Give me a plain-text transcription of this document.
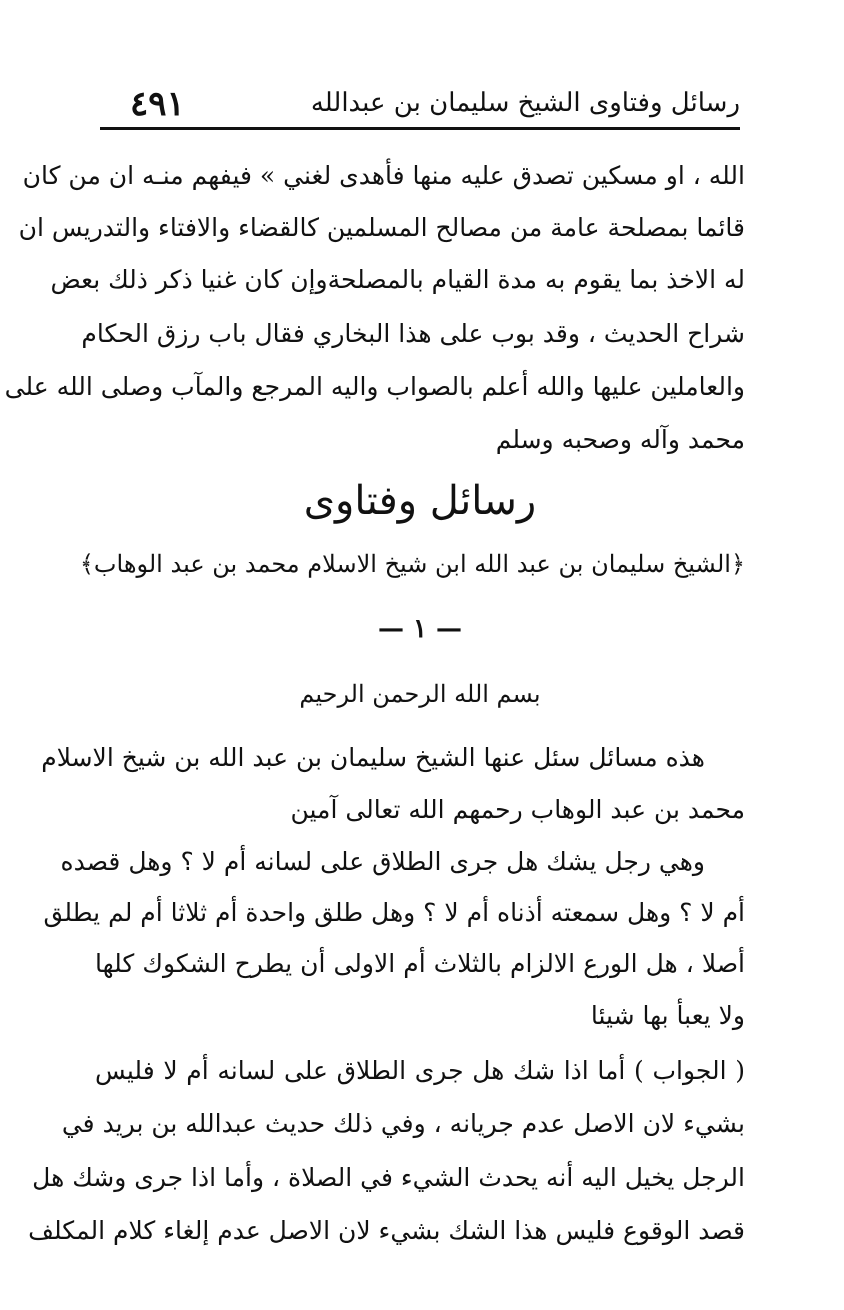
رسائل وفتاوى الشيخ سليمان بن عبدالله
٤٩١
الله ، او مسكين تصدق عليه منها فأهدى لغني » فيفهم منـه ان من كان
قائما بمصلحة عامة من مصالح المسلمين كالقضاء والافتاء والتدريس ان
له الاخذ بما يقوم به مدة القيام بالمصلحةوإن كان غنيا ذكر ذلك بعض
شراح الحديث ، وقد بوب على هذا البخاري فقال باب رزق الحكام
والعاملين عليها والله أعلم بالصواب واليه المرجع والمآب وصلى الله على
محمد وآله وصحبه وسلم
رسائل وفتاوى
﴿الشيخ سليمان بن عبد الله ابن شيخ الاسلام محمد بن عبد الوهاب﴾
— ١ —
بسم الله الرحمن الرحيم
هذه مسائل سئل عنها الشيخ سليمان بن عبد الله بن شيخ الاسلام
محمد بن عبد الوهاب رحمهم الله تعالى آمين
وهي رجل يشك هل جرى الطلاق على لسانه أم لا ؟ وهل قصده
أم لا ؟ وهل سمعته أذناه أم لا ؟ وهل طلق واحدة أم ثلاثا أم لم يطلق
أصلا ، هل الورع الالزام بالثلاث أم الاولى أن يطرح الشكوك كلها
ولا يعبأ بها شيئا
( الجواب ) أما اذا شك هل جرى الطلاق على لسانه أم لا فليس
بشيء لان الاصل عدم جريانه ، وفي ذلك حديث عبدالله بن بريد في
الرجل يخيل اليه أنه يحدث الشيء في الصلاة ، وأما اذا جرى وشك هل
قصد الوقوع فليس هذا الشك بشيء لان الاصل عدم إلغاء كلام المكلف
